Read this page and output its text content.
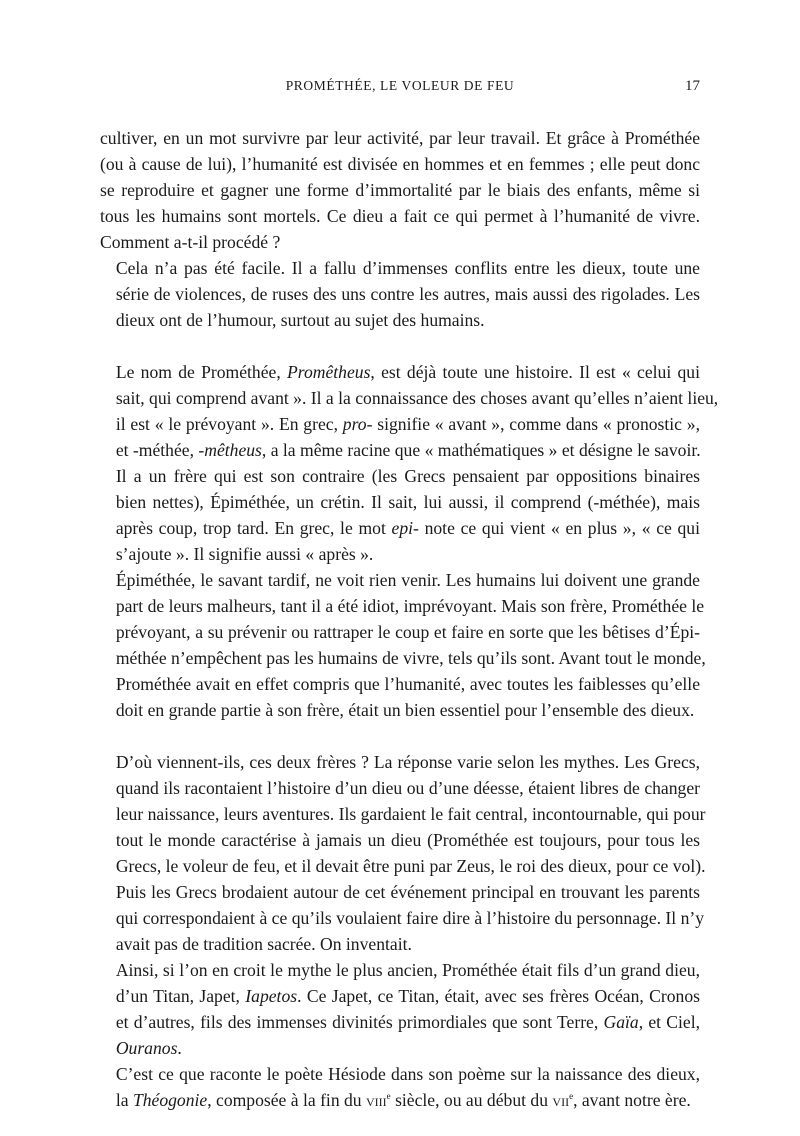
PROMÉTHÉE, LE VOLEUR DE FEU	17

cultiver, en un mot survivre par leur activité, par leur travail. Et grâce à Prométhée
(ou à cause de lui), l’humanité est divisée en hommes et en femmes ; elle peut donc
se reproduire et gagner une forme d’immortalité par le biais des enfants, même si
tous les humains sont mortels. Ce dieu a fait ce qui permet à l’humanité de vivre.
Comment a-t-il procédé ?

Cela n’a pas été facile. Il a fallu d’immenses conflits entre les dieux, toute une
série de violences, de ruses des uns contre les autres, mais aussi des rigolades. Les
dieux ont de l’humour, surtout au sujet des humains.

Le nom de Prométhée, Promêtheus, est déjà toute une histoire. Il est « celui qui
sait, qui comprend avant ». Il a la connaissance des choses avant qu’elles n’aient lieu,
il est « le prévoyant ». En grec, pro- signifie « avant », comme dans « pronostic »,
et -méthée, -mêtheus, a la même racine que « mathématiques » et désigne le savoir.

Il a un frère qui est son contraire (les Grecs pensaient par oppositions binaires
bien nettes), Épiméthée, un crétin. Il sait, lui aussi, il comprend (-méthée), mais
après coup, trop tard. En grec, le mot epi- note ce qui vient « en plus », « ce qui
s’ajoute ». Il signifie aussi « après ».

Épiméthée, le savant tardif, ne voit rien venir. Les humains lui doivent une grande
part de leurs malheurs, tant il a été idiot, imprévoyant. Mais son frère, Prométhée le
prévoyant, a su prévenir ou rattraper le coup et faire en sorte que les bêtises d’Épi-
méthée n’empêchent pas les humains de vivre, tels qu’ils sont. Avant tout le monde,
Prométhée avait en effet compris que l’humanité, avec toutes les faiblesses qu’elle
doit en grande partie à son frère, était un bien essentiel pour l’ensemble des dieux.

D’où viennent-ils, ces deux frères ? La réponse varie selon les mythes. Les Grecs,
quand ils racontaient l’histoire d’un dieu ou d’une déesse, étaient libres de changer
leur naissance, leurs aventures. Ils gardaient le fait central, incontournable, qui pour
tout le monde caractérise à jamais un dieu (Prométhée est toujours, pour tous les
Grecs, le voleur de feu, et il devait être puni par Zeus, le roi des dieux, pour ce vol).
Puis les Grecs brodaient autour de cet événement principal en trouvant les parents
qui correspondaient à ce qu’ils voulaient faire dire à l’histoire du personnage. Il n’y
avait pas de tradition sacrée. On inventait.

Ainsi, si l’on en croit le mythe le plus ancien, Prométhée était fils d’un grand dieu,
d’un Titan, Japet, Iapetos. Ce Japet, ce Titan, était, avec ses frères Océan, Cronos
et d’autres, fils des immenses divinités primordiales que sont Terre, Gaïa, et Ciel,
Ouranos.

C’est ce que raconte le poète Hésiode dans son poème sur la naissance des dieux,
la Théogonie, composée à la fin du viii$^e$ siècle, ou au début du vii$^e$, avant notre ère.
